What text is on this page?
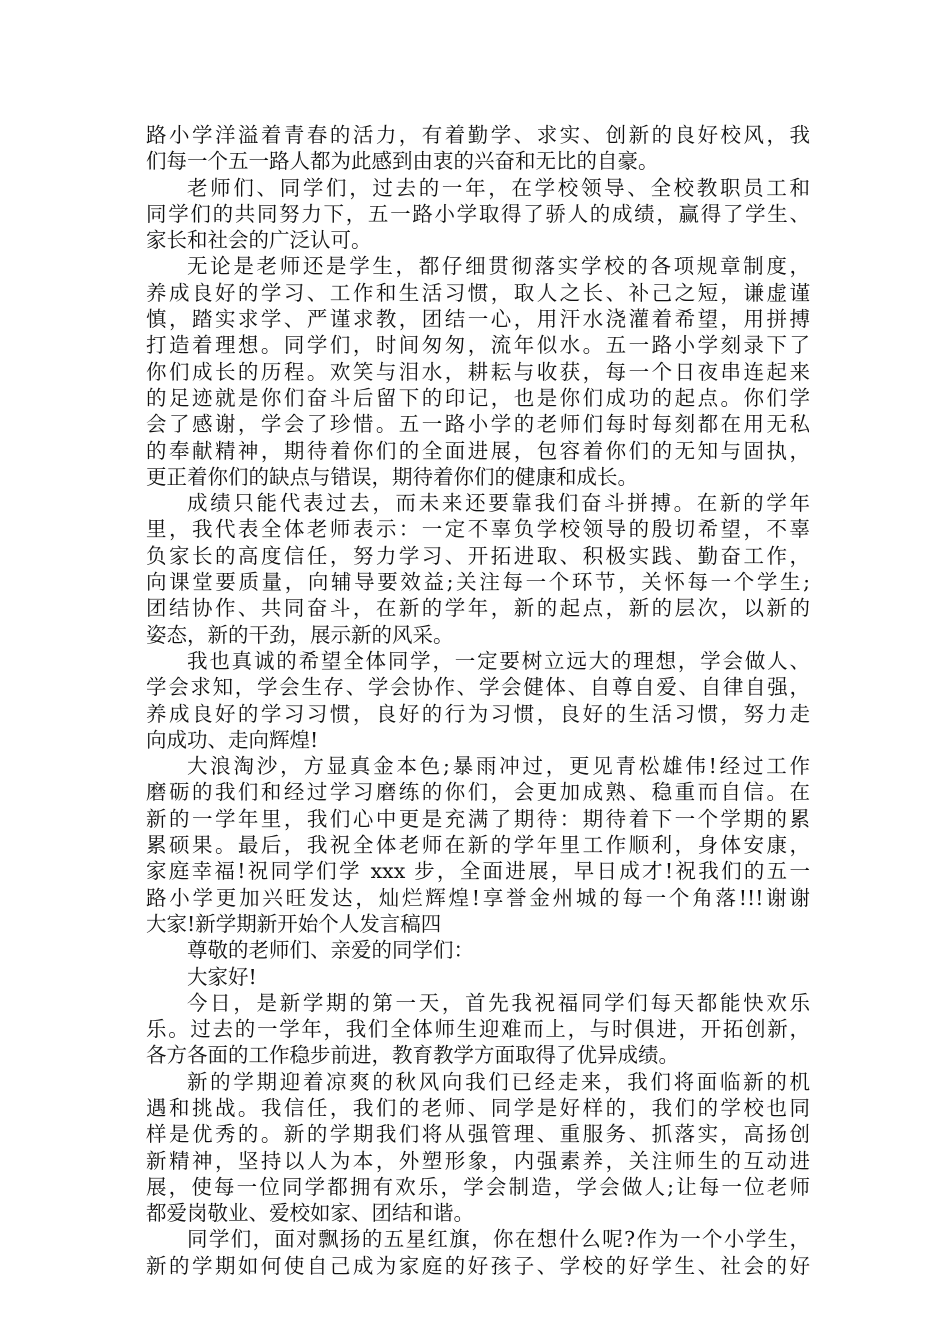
路小学洋溢着青春的活力，有着勤学、求实、创新的良好校风，我
们每一个五一路人都为此感到由衷的兴奋和无比的自豪。
老师们、同学们，过去的一年，在学校领导、全校教职员工和
同学们的共同努力下，五一路小学取得了骄人的成绩，赢得了学生、
家长和社会的广泛认可。
无论是老师还是学生，都仔细贯彻落实学校的各项规章制度，
养成良好的学习、工作和生活习惯，取人之长、补己之短，谦虚谨
慎，踏实求学、严谨求教，团结一心，用汗水浇灌着希望，用拼搏
打造着理想。同学们，时间匆匆，流年似水。五一路小学刻录下了
你们成长的历程。欢笑与泪水，耕耘与收获，每一个日夜串连起来
的足迹就是你们奋斗后留下的印记，也是你们成功的起点。你们学
会了感谢，学会了珍惜。五一路小学的老师们每时每刻都在用无私
的奉献精神，期待着你们的全面进展，包容着你们的无知与固执，
更正着你们的缺点与错误，期待着你们的健康和成长。
成绩只能代表过去，而未来还要靠我们奋斗拼搏。在新的学年
里，我代表全体老师表示：一定不辜负学校领导的殷切希望，不辜
负家长的高度信任，努力学习、开拓进取、积极实践、勤奋工作，
向课堂要质量，向辅导要效益;关注每一个环节，关怀每一个学生;
团结协作、共同奋斗，在新的学年，新的起点，新的层次，以新的
姿态，新的干劲，展示新的风采。
我也真诚的希望全体同学，一定要树立远大的理想，学会做人、
学会求知，学会生存、学会协作、学会健体、自尊自爱、自律自强，
养成良好的学习习惯，良好的行为习惯，良好的生活习惯，努力走
向成功、走向辉煌!
大浪淘沙，方显真金本色;暴雨冲过，更见青松雄伟!经过工作
磨砺的我们和经过学习磨练的你们，会更加成熟、稳重而自信。在
新的一学年里，我们心中更是充满了期待：期待着下一个学期的累
累硕果。最后，我祝全体老师在新的学年里工作顺利，身体安康，
家庭幸福!祝同学们学 xxx 步，全面进展，早日成才!祝我们的五一
路小学更加兴旺发达，灿烂辉煌!享誉金州城的每一个角落!!!谢谢
大家!新学期新开始个人发言稿四
尊敬的老师们、亲爱的同学们：
大家好!
今日，是新学期的第一天，首先我祝福同学们每天都能快欢乐
乐。过去的一学年，我们全体师生迎难而上，与时俱进，开拓创新，
各方各面的工作稳步前进，教育教学方面取得了优异成绩。
新的学期迎着凉爽的秋风向我们已经走来，我们将面临新的机
遇和挑战。我信任，我们的老师、同学是好样的，我们的学校也同
样是优秀的。新的学期我们将从强管理、重服务、抓落实，高扬创
新精神，坚持以人为本，外塑形象，内强素养，关注师生的互动进
展，使每一位同学都拥有欢乐，学会制造，学会做人;让每一位老师
都爱岗敬业、爱校如家、团结和谐。
同学们，面对飘扬的五星红旗，你在想什么呢?作为一个小学生，
新的学期如何使自己成为家庭的好孩子、学校的好学生、社会的好
